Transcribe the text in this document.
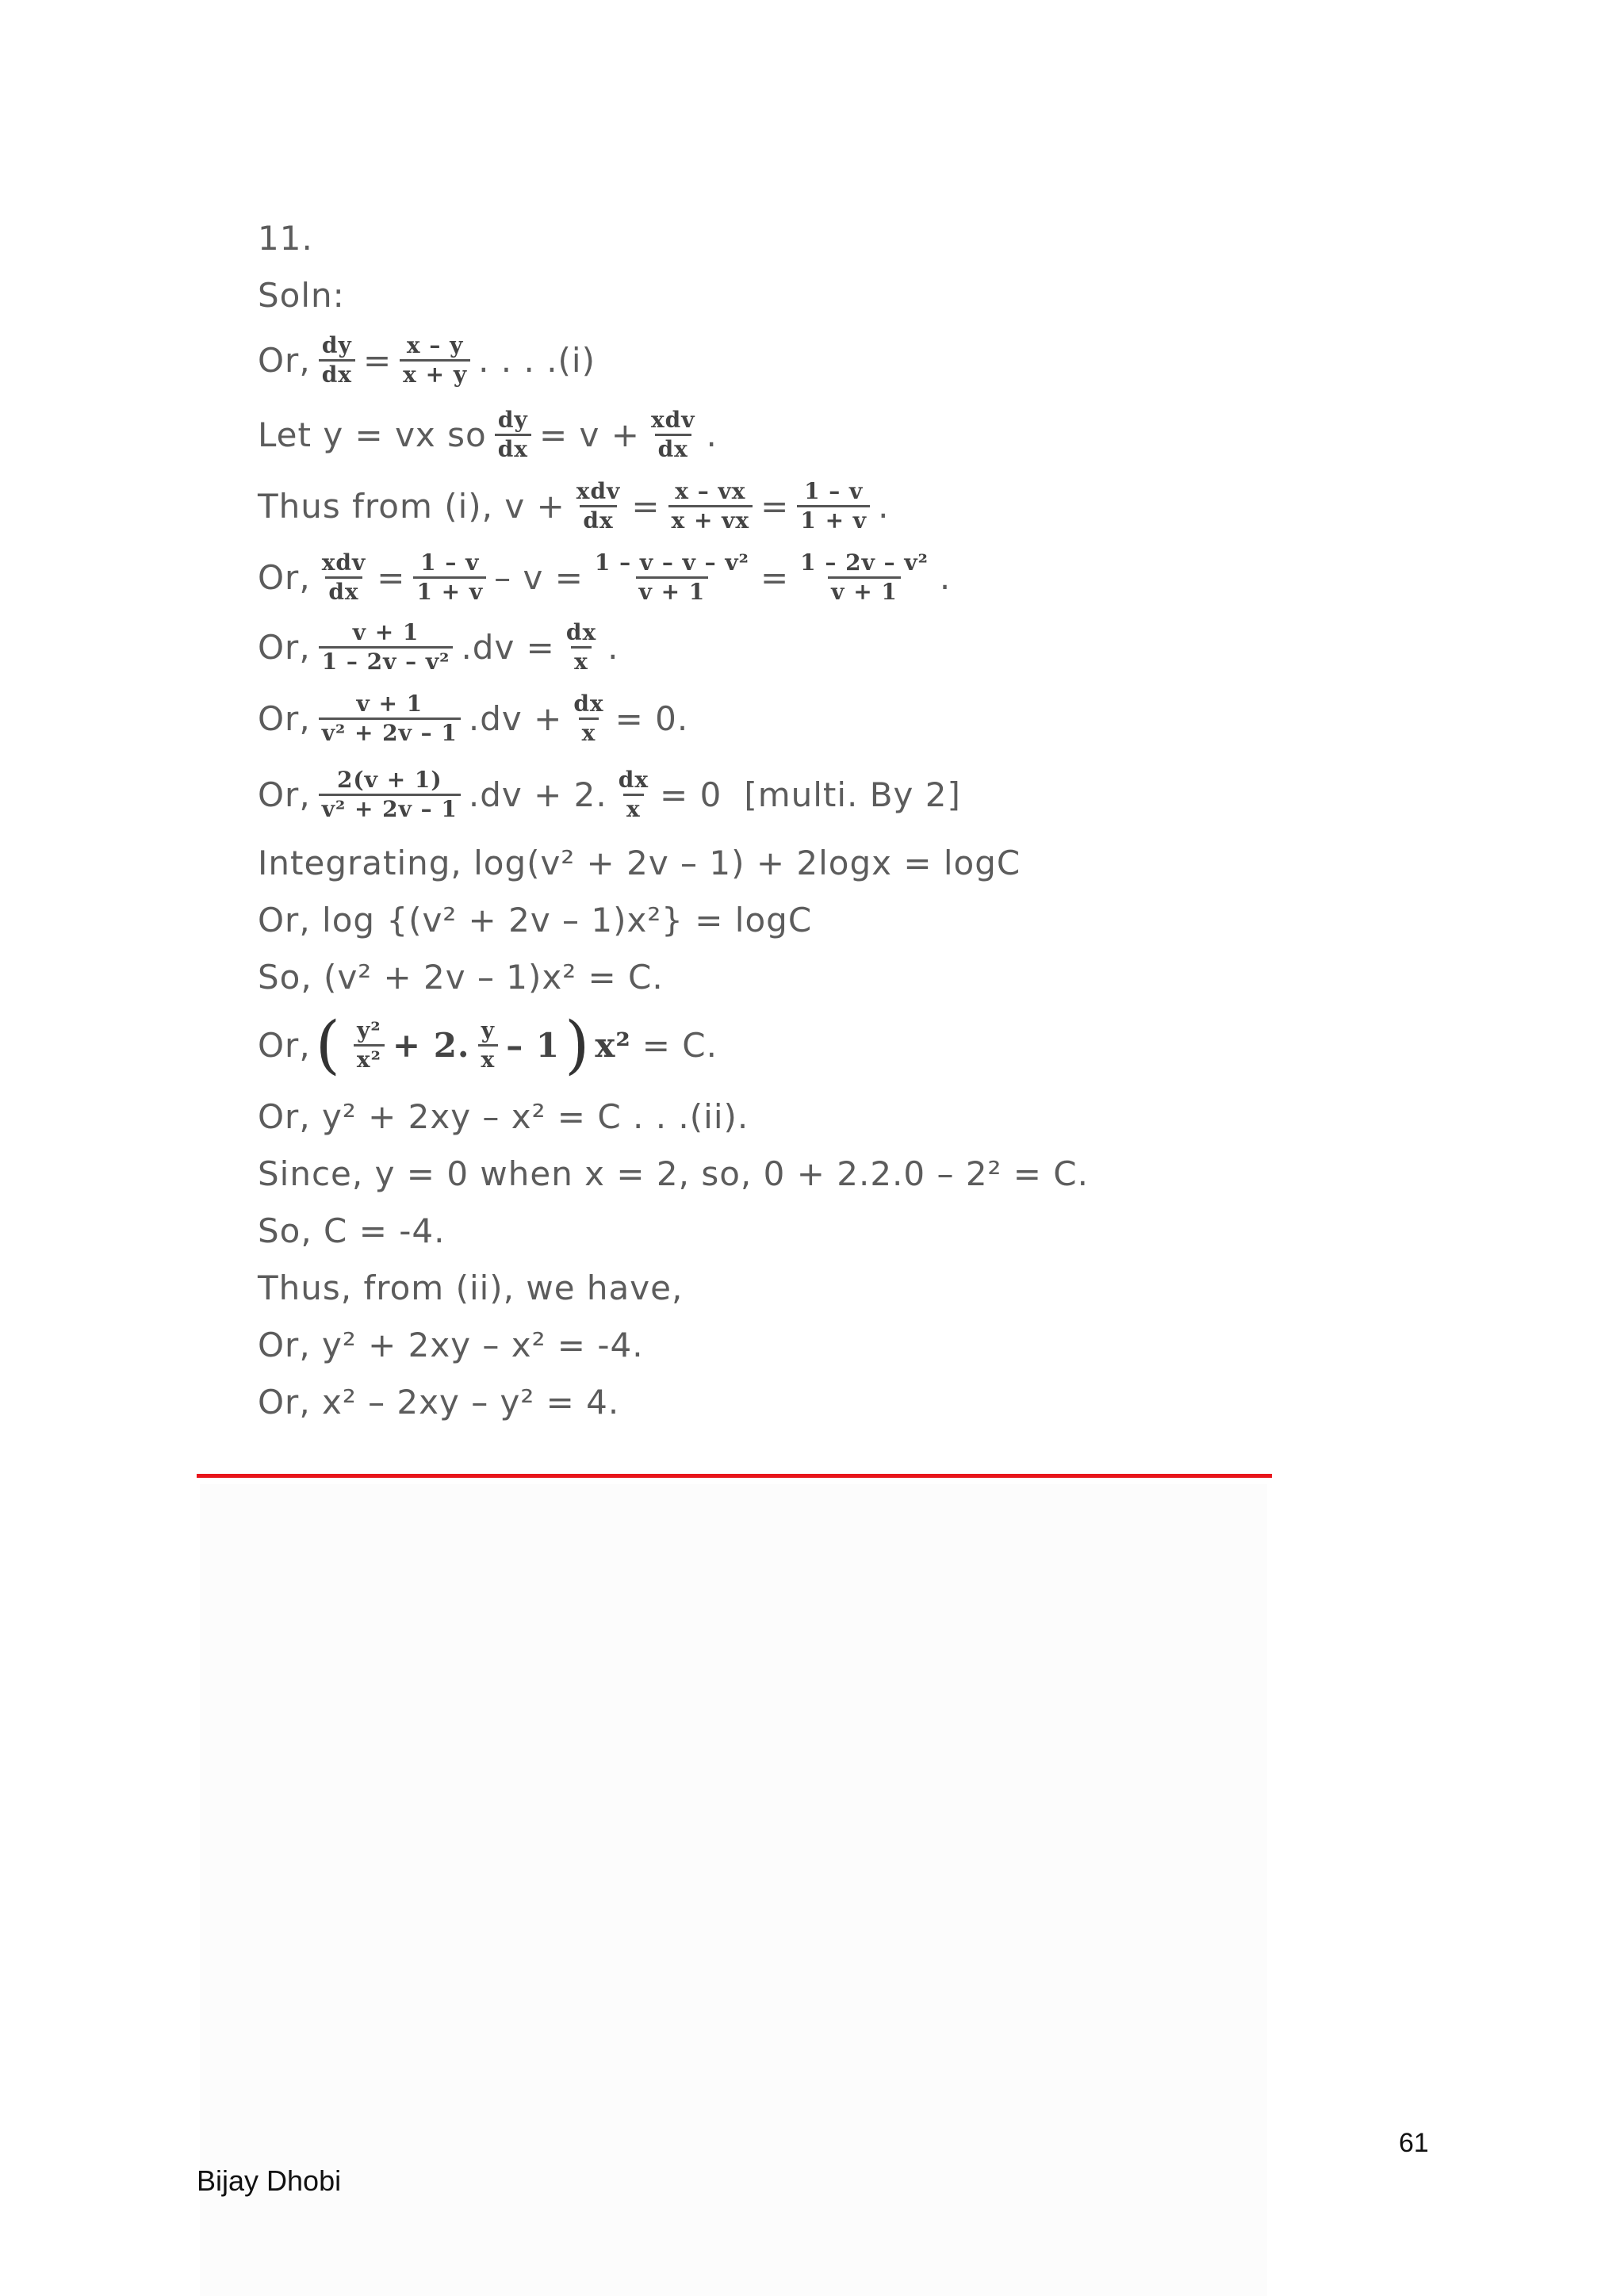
11.
Soln:
Or, $\frac{dy}{dx} = \frac{x - y}{x + y}$ . . . .(i)
Let y = vx so $\frac{dy}{dx} = v + \frac{\text{xdv}}{dx}$ .
Thus from (i), $v + \frac{\text{xdv}}{dx} = \frac{x - vx}{x + vx} = \frac{1 - v}{1 + v}$ .
Or, $\frac{\text{xdv}}{dx} = \frac{1 - v}{1 + v} - v = \frac{\text{1 – v – v – v²}}{v + 1} = \frac{\text{1 – 2v – v²}}{v + 1}$ .
Or, $\frac{v + 1}{\text{1 – 2v – v²}} .dv = \frac{dx}{x}$ .
Or, $\frac{v + 1}{\text{v² + 2v – 1}} .dv + \frac{dx}{x} = 0$.
Or, $\frac{2(v + 1)}{\text{v² + 2v – 1}} .dv + 2$. $\frac{dx}{x} = 0$ [multi. By 2]
Integrating, log(v² + 2v – 1) + 2logx = logC
Or, log {(v² + 2v – 1)x²} = logC
So, (v² + 2v – 1)x² = C.
Or, ( $\frac{\text{y²}}{\text{x²}} + 2$. $\frac{y}{x} - 1$ ) x² = C.
Or, y² + 2xy – x² = C . . .(ii).
Since, y = 0 when x = 2, so, 0 + 2.2.0 – 2² = C.
So, C = -4.
Thus, from (ii), we have,
Or, y² + 2xy – x² = -4.
Or, x² – 2xy – y² = 4.
61
Bijay Dhobi
